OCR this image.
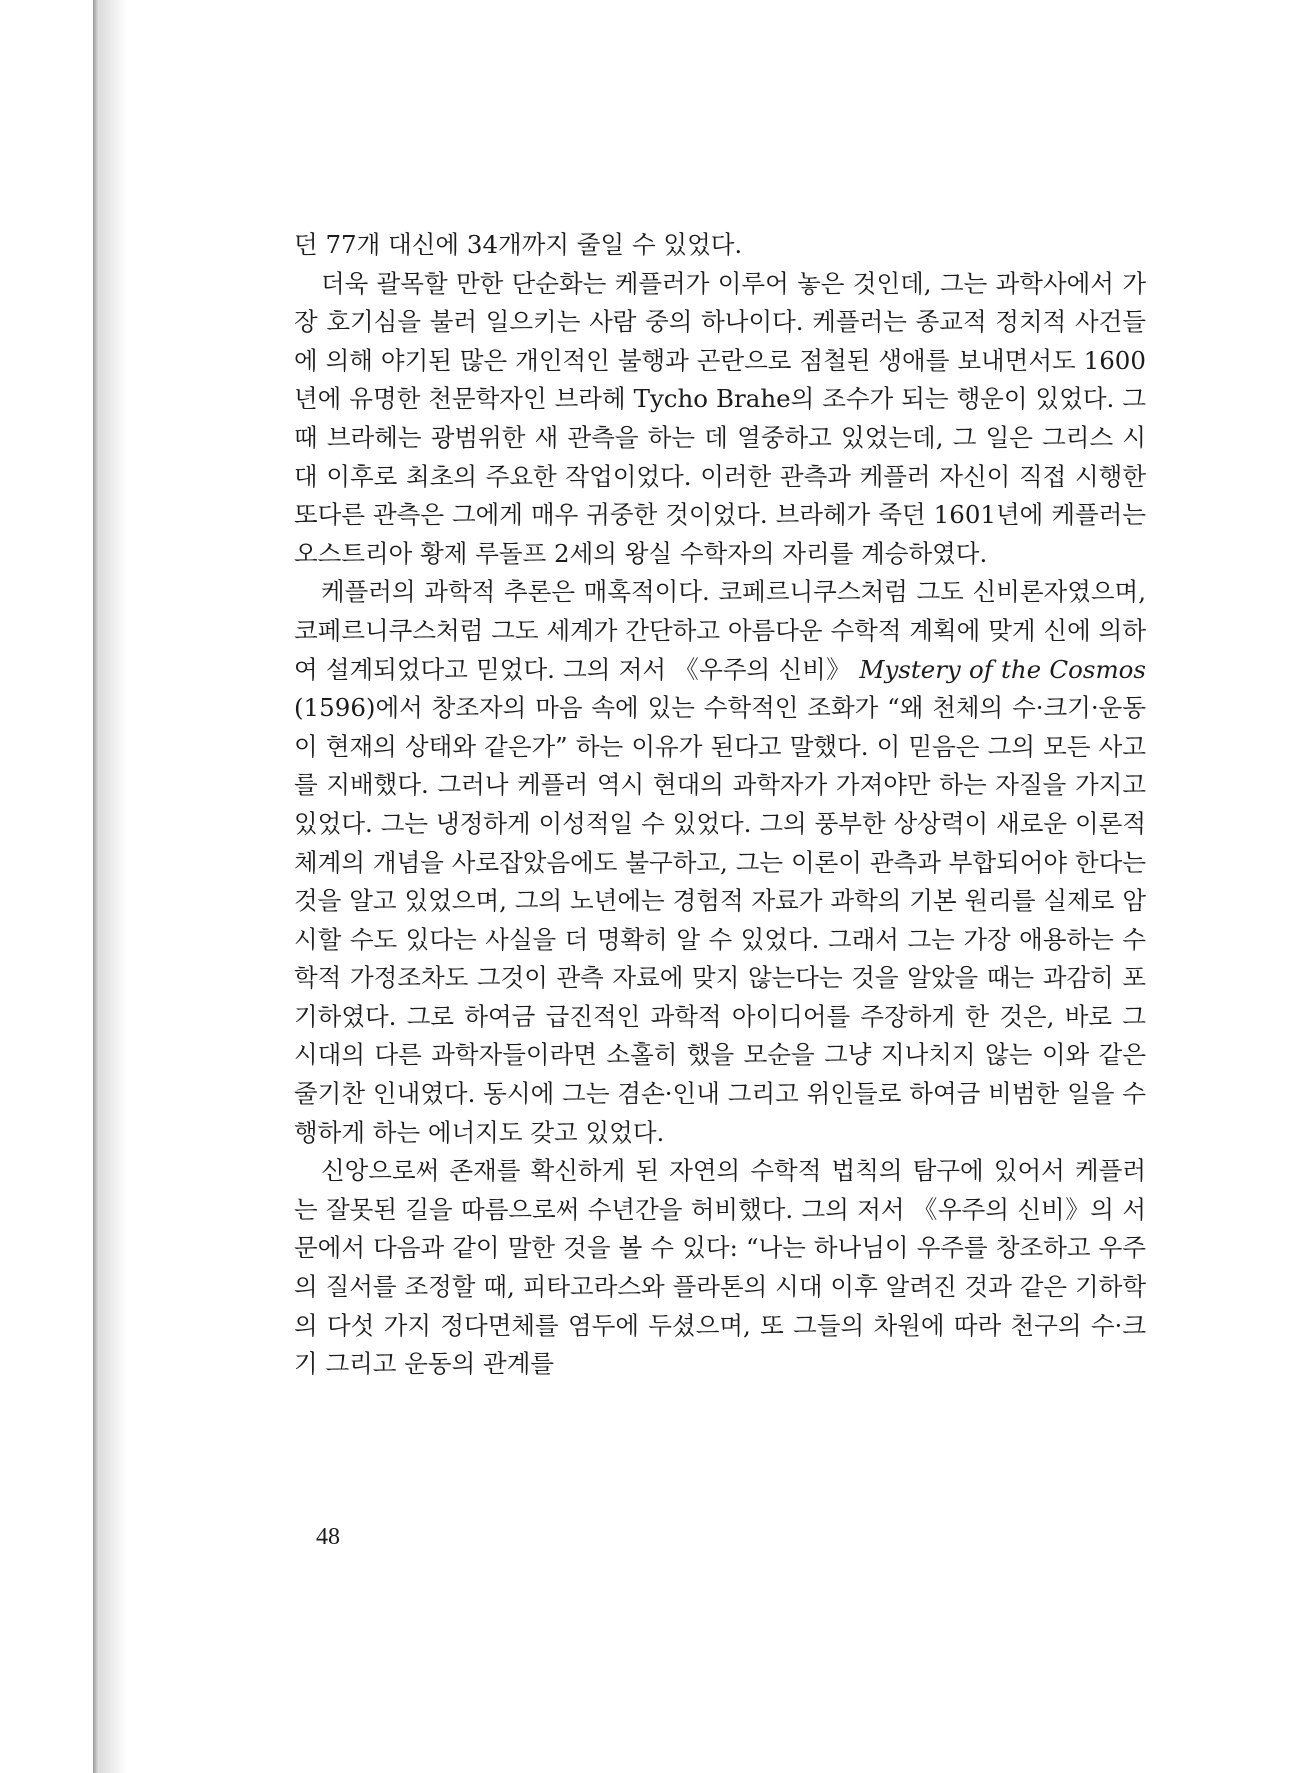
던 77개 대신에 34개까지 줄일 수 있었다.

더욱 괄목할 만한 단순화는 케플러가 이루어 놓은 것인데, 그는 과학사에서 가장 호기심을 불러 일으키는 사람 중의 하나이다. 케플러는 종교적 정치적 사건들에 의해 야기된 많은 개인적인 불행과 곤란으로 점철된 생애를 보내면서도 1600년에 유명한 천문학자인 브라헤 Tycho Brahe의 조수가 되는 행운이 있었다. 그때 브라헤는 광범위한 새 관측을 하는 데 열중하고 있었는데, 그 일은 그리스 시대 이후로 최초의 주요한 작업이었다. 이러한 관측과 케플러 자신이 직접 시행한 또다른 관측은 그에게 매우 귀중한 것이었다. 브라헤가 죽던 1601년에 케플러는 오스트리아 황제 루돌프 2세의 왕실 수학자의 자리를 계승하였다.

케플러의 과학적 추론은 매혹적이다. 코페르니쿠스처럼 그도 신비론자였으며, 코페르니쿠스처럼 그도 세계가 간단하고 아름다운 수학적 계획에 맞게 신에 의하여 설계되었다고 믿었다. 그의 저서 《우주의 신비》 Mystery of the Cosmos (1596)에서 창조자의 마음 속에 있는 수학적인 조화가 “왜 천체의 수·크기·운동이 현재의 상태와 같은가” 하는 이유가 된다고 말했다. 이 믿음은 그의 모든 사고를 지배했다. 그러나 케플러 역시 현대의 과학자가 가져야만 하는 자질을 가지고 있었다. 그는 냉정하게 이성적일 수 있었다. 그의 풍부한 상상력이 새로운 이론적 체계의 개념을 사로잡았음에도 불구하고, 그는 이론이 관측과 부합되어야 한다는 것을 알고 있었으며, 그의 노년에는 경험적 자료가 과학의 기본 원리를 실제로 암시할 수도 있다는 사실을 더 명확히 알 수 있었다. 그래서 그는 가장 애용하는 수학적 가정조차도 그것이 관측 자료에 맞지 않는다는 것을 알았을 때는 과감히 포기하였다. 그로 하여금 급진적인 과학적 아이디어를 주장하게 한 것은, 바로 그 시대의 다른 과학자들이라면 소홀히 했을 모순을 그냥 지나치지 않는 이와 같은 줄기찬 인내였다. 동시에 그는 겸손·인내 그리고 위인들로 하여금 비범한 일을 수행하게 하는 에너지도 갖고 있었다.

신앙으로써 존재를 확신하게 된 자연의 수학적 법칙의 탐구에 있어서 케플러는 잘못된 길을 따름으로써 수년간을 허비했다. 그의 저서 《우주의 신비》의 서문에서 다음과 같이 말한 것을 볼 수 있다: “나는 하나님이 우주를 창조하고 우주의 질서를 조정할 때, 피타고라스와 플라톤의 시대 이후 알려진 것과 같은 기하학의 다섯 가지 정다면체를 염두에 두셨으며, 또 그들의 차원에 따라 천구의 수·크기 그리고 운동의 관계를

48
